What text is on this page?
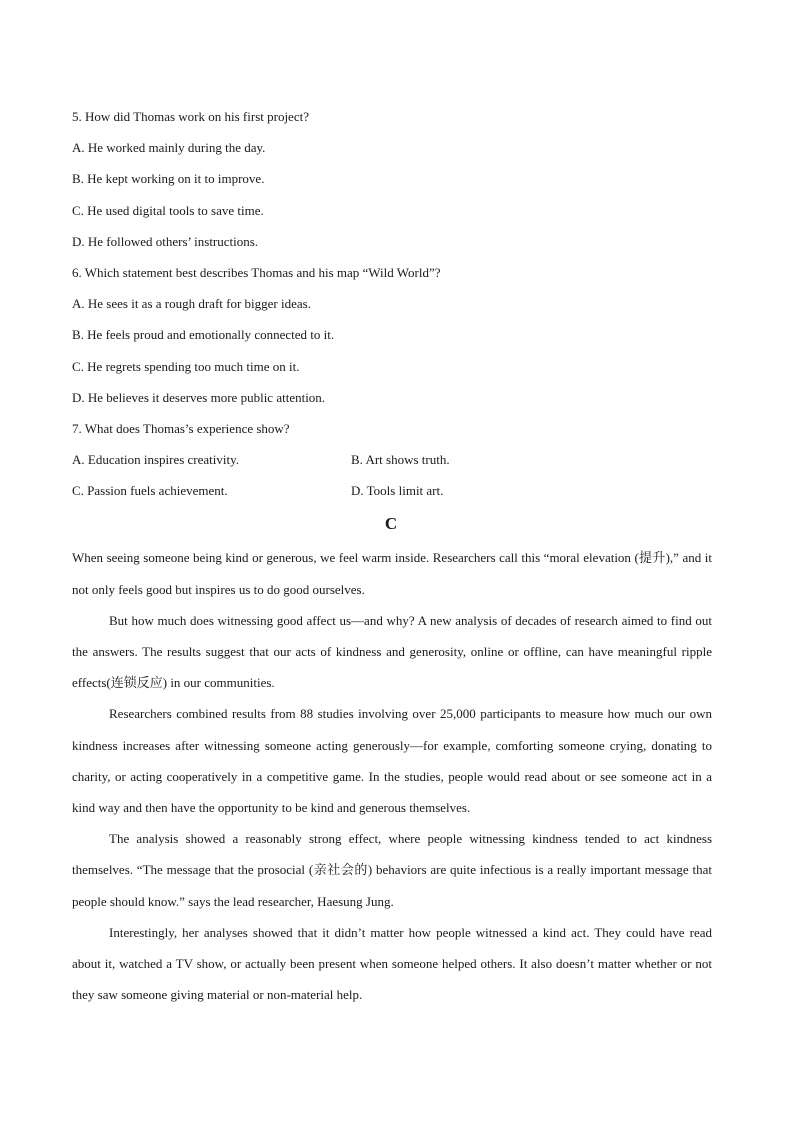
5. How did Thomas work on his first project?
A. He worked mainly during the day.
B. He kept working on it to improve.
C. He used digital tools to save time.
D. He followed others’ instructions.
6. Which statement best describes Thomas and his map “Wild World”?
A. He sees it as a rough draft for bigger ideas.
B. He feels proud and emotionally connected to it.
C. He regrets spending too much time on it.
D. He believes it deserves more public attention.
7. What does Thomas’s experience show?
A. Education inspires creativity.	B. Art shows truth.
C. Passion fuels achievement.	D. Tools limit art.
C

When seeing someone being kind or generous, we feel warm inside. Researchers call this “moral elevation (提升),” and it not only feels good but inspires us to do good ourselves.

But how much does witnessing good affect us—and why? A new analysis of decades of research aimed to find out the answers. The results suggest that our acts of kindness and generosity, online or offline, can have meaningful ripple effects(连锁反应) in our communities.

Researchers combined results from 88 studies involving over 25,000 participants to measure how much our own kindness increases after witnessing someone acting generously—for example, comforting someone crying, donating to charity, or acting cooperatively in a competitive game. In the studies, people would read about or see someone act in a kind way and then have the opportunity to be kind and generous themselves.

The analysis showed a reasonably strong effect, where people witnessing kindness tended to act kindness themselves. “The message that the prosocial (亲社会的) behaviors are quite infectious is a really important message that people should know.” says the lead researcher, Haesung Jung.

Interestingly, her analyses showed that it didn’t matter how people witnessed a kind act. They could have read about it, watched a TV show, or actually been present when someone helped others. It also doesn’t matter whether or not they saw someone giving material or non-material help.
